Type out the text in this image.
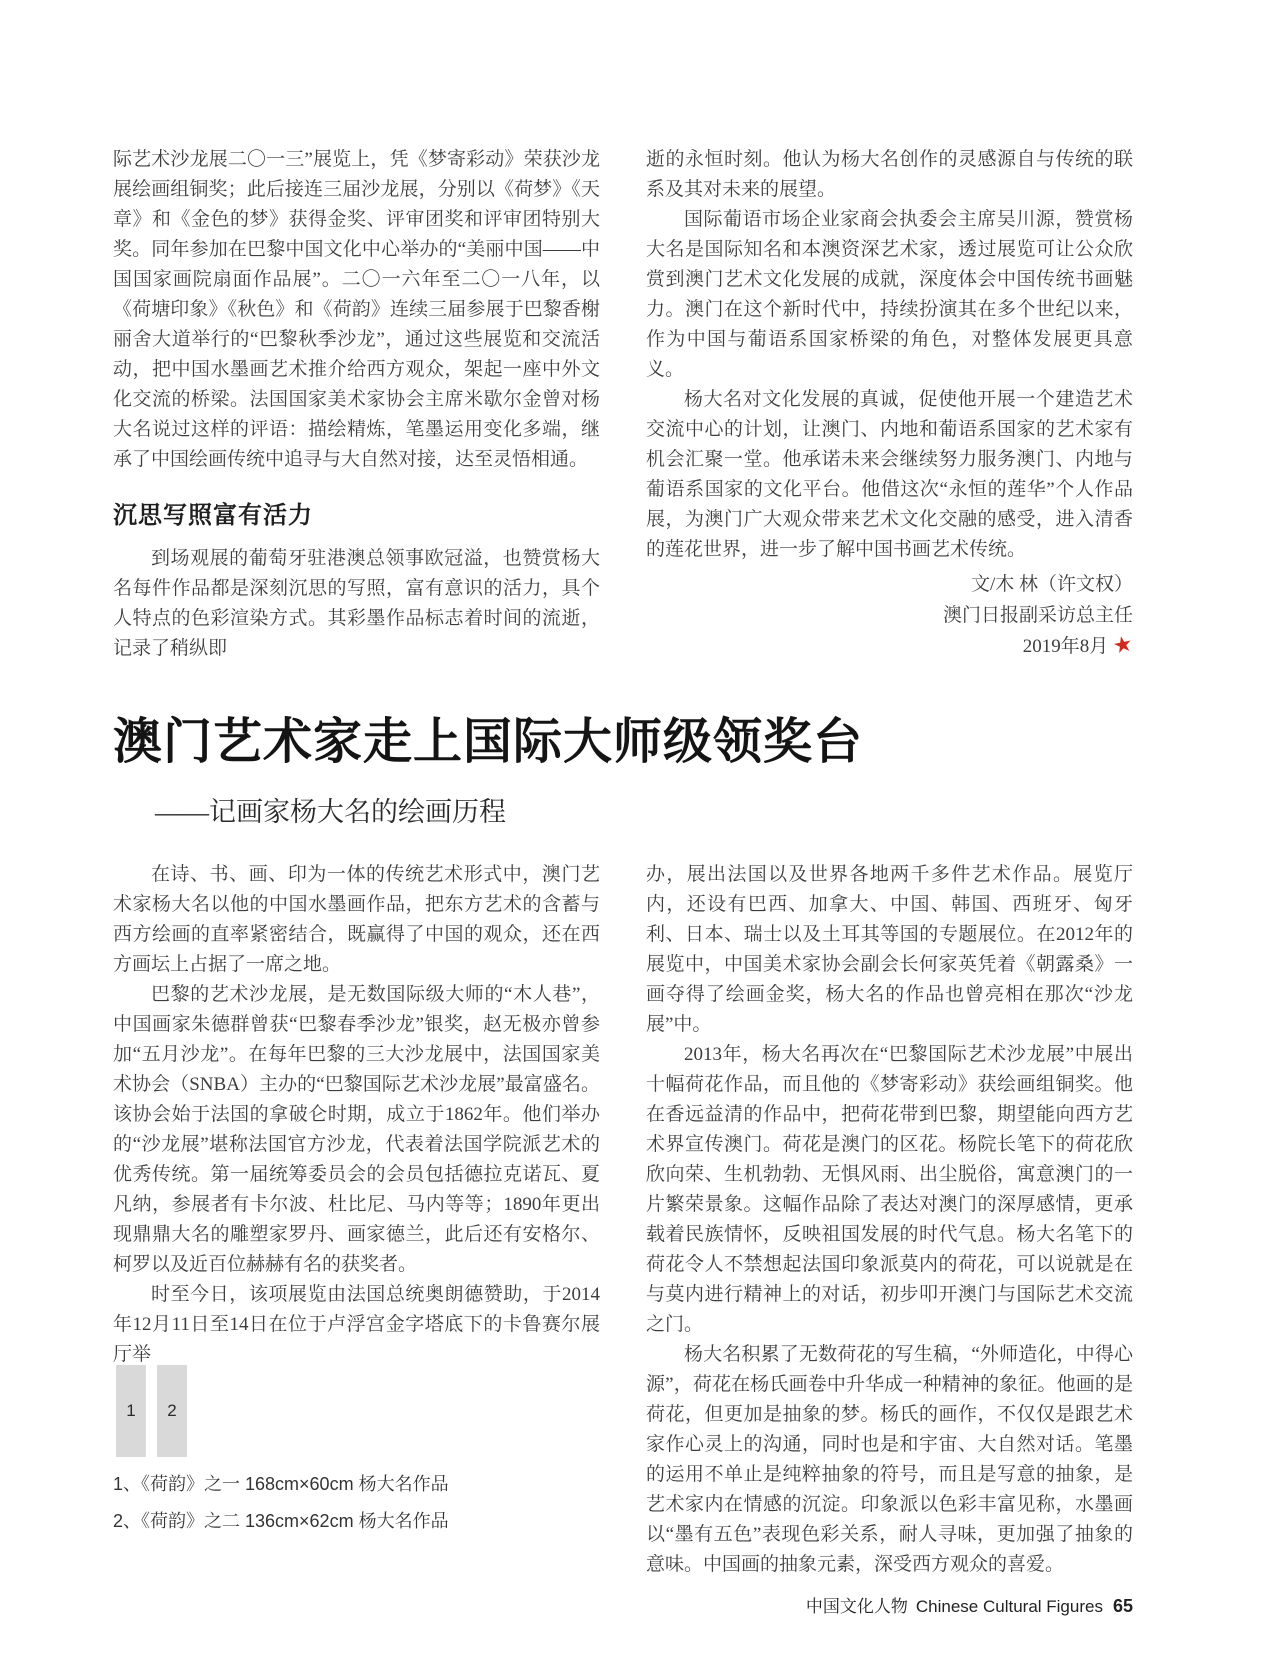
际艺术沙龙展二〇一三”展览上，凭《梦寄彩动》荣获沙龙展绘画组铜奖；此后接连三届沙龙展，分别以《荷梦》《天章》和《金色的梦》获得金奖、评审团奖和评审团特别大奖。同年参加在巴黎中国文化中心举办的“美丽中国——中国国家画院扇面作品展”。二〇一六年至二〇一八年，以《荷塘印象》《秋色》和《荷韵》连续三届参展于巴黎香榭丽舍大道举行的“巴黎秋季沙龙”，通过这些展览和交流活动，把中国水墨画艺术推介给西方观众，架起一座中外文化交流的桥梁。法国国家美术家协会主席米歇尔金曾对杨大名说过这样的评语：描绘精炼，笔墨运用变化多端，继承了中国绘画传统中追寻与大自然对接，达至灵悟相通。

沉思写照富有活力

到场观展的葡萄牙驻港澳总领事欧冠溢，也赞赏杨大名每件作品都是深刻沉思的写照，富有意识的活力，具个人特点的色彩渲染方式。其彩墨作品标志着时间的流逝，记录了稍纵即

逝的永恒时刻。他认为杨大名创作的灵感源自与传统的联系及其对未来的展望。

国际葡语市场企业家商会执委会主席吴川源，赞赏杨大名是国际知名和本澳资深艺术家，透过展览可让公众欣赏到澳门艺术文化发展的成就，深度体会中国传统书画魅力。澳门在这个新时代中，持续扮演其在多个世纪以来，作为中国与葡语系国家桥梁的角色，对整体发展更具意义。

杨大名对文化发展的真诚，促使他开展一个建造艺术交流中心的计划，让澳门、内地和葡语系国家的艺术家有机会汇聚一堂。他承诺未来会继续努力服务澳门、内地与葡语系国家的文化平台。他借这次“永恒的莲华”个人作品展，为澳门广大观众带来艺术文化交融的感受，进入清香的莲花世界，进一步了解中国书画艺术传统。

文/木 林（许文权）

澳门日报副采访总主任

2019年8月 ★

澳门艺术家走上国际大师级领奖台
——记画家杨大名的绘画历程

在诗、书、画、印为一体的传统艺术形式中，澳门艺术家杨大名以他的中国水墨画作品，把东方艺术的含蓄与西方绘画的直率紧密结合，既赢得了中国的观众，还在西方画坛上占据了一席之地。

巴黎的艺术沙龙展，是无数国际级大师的“木人巷”，中国画家朱德群曾获“巴黎春季沙龙”银奖，赵无极亦曾参加“五月沙龙”。在每年巴黎的三大沙龙展中，法国国家美术协会（SNBA）主办的“巴黎国际艺术沙龙展”最富盛名。该协会始于法国的拿破仑时期，成立于1862年。他们举办的“沙龙展”堪称法国官方沙龙，代表着法国学院派艺术的优秀传统。第一届统筹委员会的会员包括德拉克诺瓦、夏凡纳，参展者有卡尔波、杜比尼、马内等等；1890年更出现鼎鼎大名的雕塑家罗丹、画家德兰，此后还有安格尔、柯罗以及近百位赫赫有名的获奖者。

时至今日，该项展览由法国总统奥朗德赞助，于2014年12月11日至14日在位于卢浮宫金字塔底下的卡鲁赛尔展厅举

办，展出法国以及世界各地两千多件艺术作品。展览厅内，还设有巴西、加拿大、中国、韩国、西班牙、匈牙利、日本、瑞士以及土耳其等国的专题展位。在2012年的展览中，中国美术家协会副会长何家英凭着《朝露桑》一画夺得了绘画金奖，杨大名的作品也曾亮相在那次“沙龙展”中。

2013年，杨大名再次在“巴黎国际艺术沙龙展”中展出十幅荷花作品，而且他的《梦寄彩动》获绘画组铜奖。他在香远益清的作品中，把荷花带到巴黎，期望能向西方艺术界宣传澳门。荷花是澳门的区花。杨院长笔下的荷花欣欣向荣、生机勃勃、无惧风雨、出尘脱俗，寓意澳门的一片繁荣景象。这幅作品除了表达对澳门的深厚感情，更承载着民族情怀，反映祖国发展的时代气息。杨大名笔下的荷花令人不禁想起法国印象派莫内的荷花，可以说就是在与莫内进行精神上的对话，初步叩开澳门与国际艺术交流之门。

杨大名积累了无数荷花的写生稿，“外师造化，中得心源”，荷花在杨氏画卷中升华成一种精神的象征。他画的是荷花，但更加是抽象的梦。杨氏的画作，不仅仅是跟艺术家作心灵上的沟通，同时也是和宇宙、大自然对话。笔墨的运用不单止是纯粹抽象的符号，而且是写意的抽象，是艺术家内在情感的沉淀。印象派以色彩丰富见称，水墨画以“墨有五色”表现色彩关系，耐人寻味，更加强了抽象的意味。中国画的抽象元素，深受西方观众的喜爱。

1 2

1、《荷韵》之一 168cm×60cm 杨大名作品

2、《荷韵》之二 136cm×62cm 杨大名作品

中国文化人物 Chinese Cultural Figures 65
